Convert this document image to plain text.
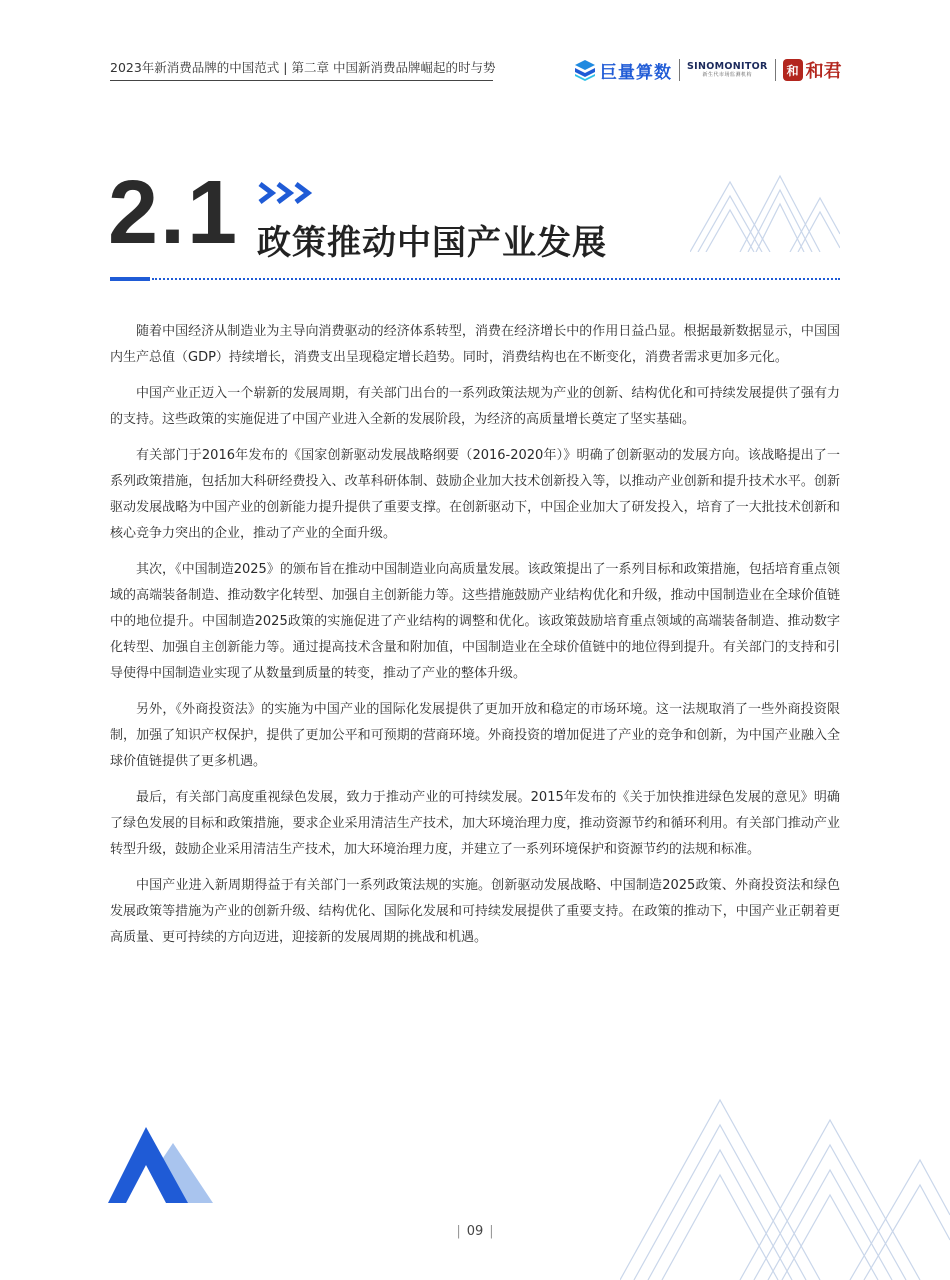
2023年新消费品牌的中国范式 | 第二章 中国新消费品牌崛起的时与势	巨量算数 SINOMONITOR
新生代市场监测机构	和 和君
2.1 政策推动中国产业发展

随着中国经济从制造业为主导向消费驱动的经济体系转型，消费在经济增长中的作用日益凸显。根据最新数据显示，中国国内生产总值（GDP）持续增长，消费支出呈现稳定增长趋势。同时，消费结构也在不断变化，消费者需求更加多元化。

中国产业正迈入一个崭新的发展周期，有关部门出台的一系列政策法规为产业的创新、结构优化和可持续发展提供了强有力的支持。这些政策的实施促进了中国产业进入全新的发展阶段，为经济的高质量增长奠定了坚实基础。

有关部门于2016年发布的《国家创新驱动发展战略纲要（2016-2020年）》明确了创新驱动的发展方向。该战略提出了一系列政策措施，包括加大科研经费投入、改革科研体制、鼓励企业加大技术创新投入等，以推动产业创新和提升技术水平。创新驱动发展战略为中国产业的创新能力提升提供了重要支撑。在创新驱动下，中国企业加大了研发投入，培育了一大批技术创新和核心竞争力突出的企业，推动了产业的全面升级。

其次，《中国制造2025》的颁布旨在推动中国制造业向高质量发展。该政策提出了一系列目标和政策措施，包括培育重点领域的高端装备制造、推动数字化转型、加强自主创新能力等。这些措施鼓励产业结构优化和升级，推动中国制造业在全球价值链中的地位提升。中国制造2025政策的实施促进了产业结构的调整和优化。该政策鼓励培育重点领域的高端装备制造、推动数字化转型、加强自主创新能力等。通过提高技术含量和附加值，中国制造业在全球价值链中的地位得到提升。有关部门的支持和引导使得中国制造业实现了从数量到质量的转变，推动了产业的整体升级。

另外，《外商投资法》的实施为中国产业的国际化发展提供了更加开放和稳定的市场环境。这一法规取消了一些外商投资限制，加强了知识产权保护，提供了更加公平和可预期的营商环境。外商投资的增加促进了产业的竞争和创新，为中国产业融入全球价值链提供了更多机遇。

最后，有关部门高度重视绿色发展，致力于推动产业的可持续发展。2015年发布的《关于加快推进绿色发展的意见》明确了绿色发展的目标和政策措施，要求企业采用清洁生产技术，加大环境治理力度，推动资源节约和循环利用。有关部门推动产业转型升级，鼓励企业采用清洁生产技术，加大环境治理力度，并建立了一系列环境保护和资源节约的法规和标准。

中国产业进入新周期得益于有关部门一系列政策法规的实施。创新驱动发展战略、中国制造2025政策、外商投资法和绿色发展政策等措施为产业的创新升级、结构优化、国际化发展和可持续发展提供了重要支持。在政策的推动下，中国产业正朝着更高质量、更可持续的方向迈进，迎接新的发展周期的挑战和机遇。

| 09 |
